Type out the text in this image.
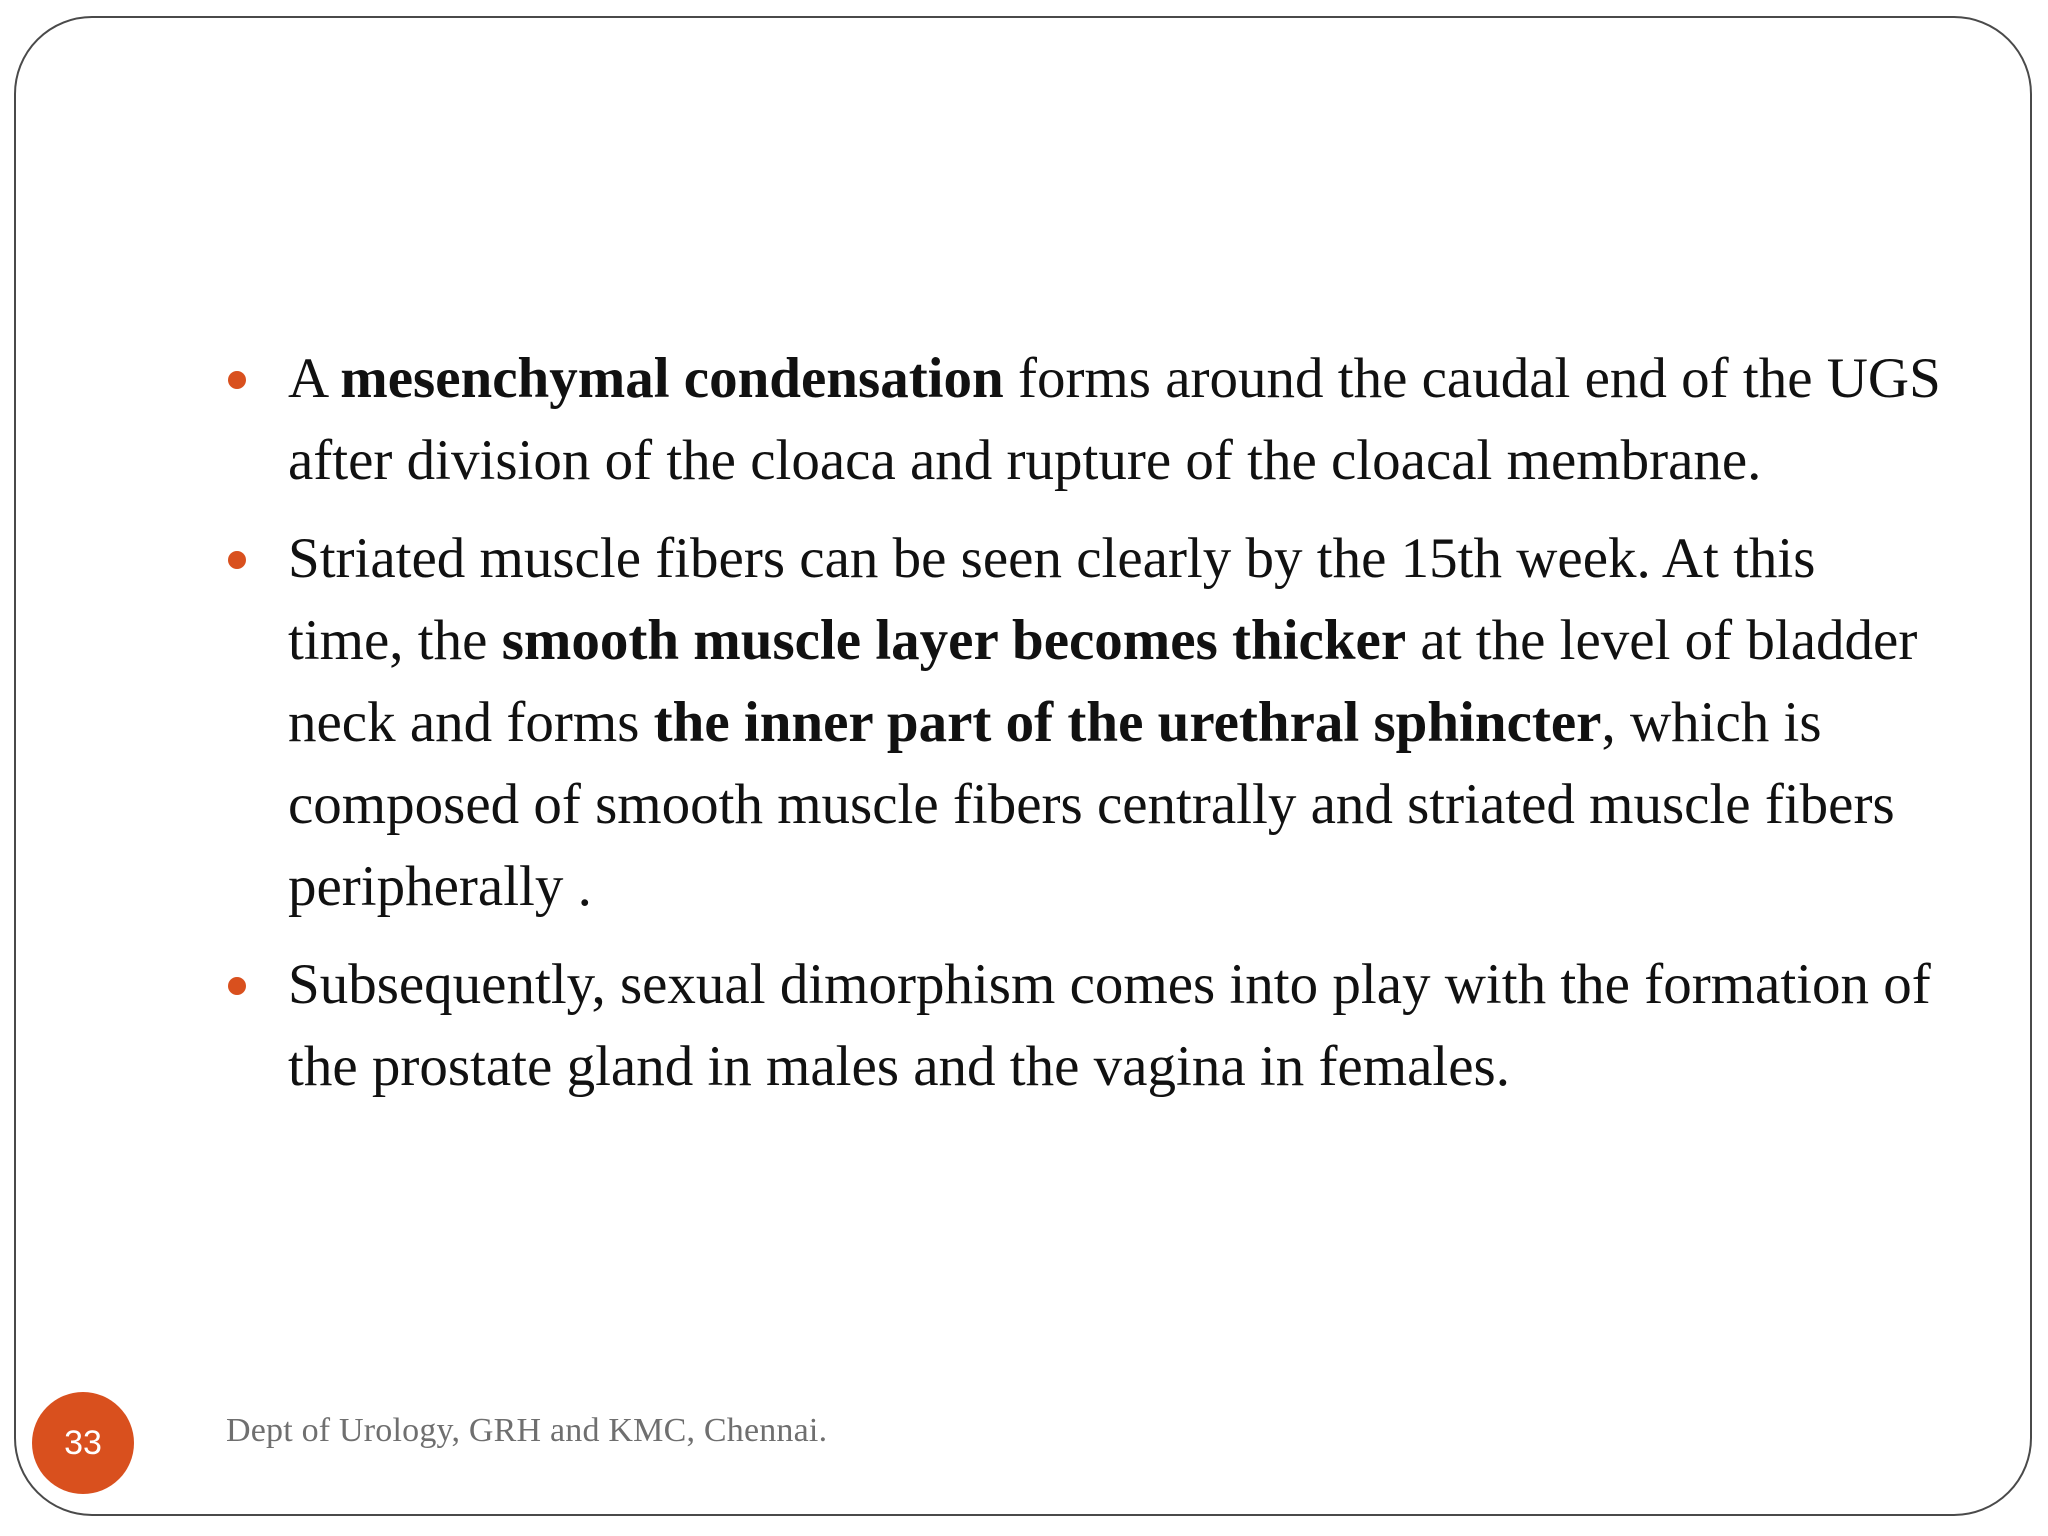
A mesenchymal condensation forms around the caudal end of the UGS after division of the cloaca and rupture of the cloacal membrane.
Striated muscle fibers can be seen clearly by the 15th week. At this time, the smooth muscle layer becomes thicker at the level of bladder neck and forms the inner part of the urethral sphincter, which is composed of smooth muscle fibers centrally and striated muscle fibers peripherally .
Subsequently, sexual dimorphism comes into play with the formation of the prostate gland in males and the vagina in females.
Dept of Urology, GRH and KMC, Chennai.
33
